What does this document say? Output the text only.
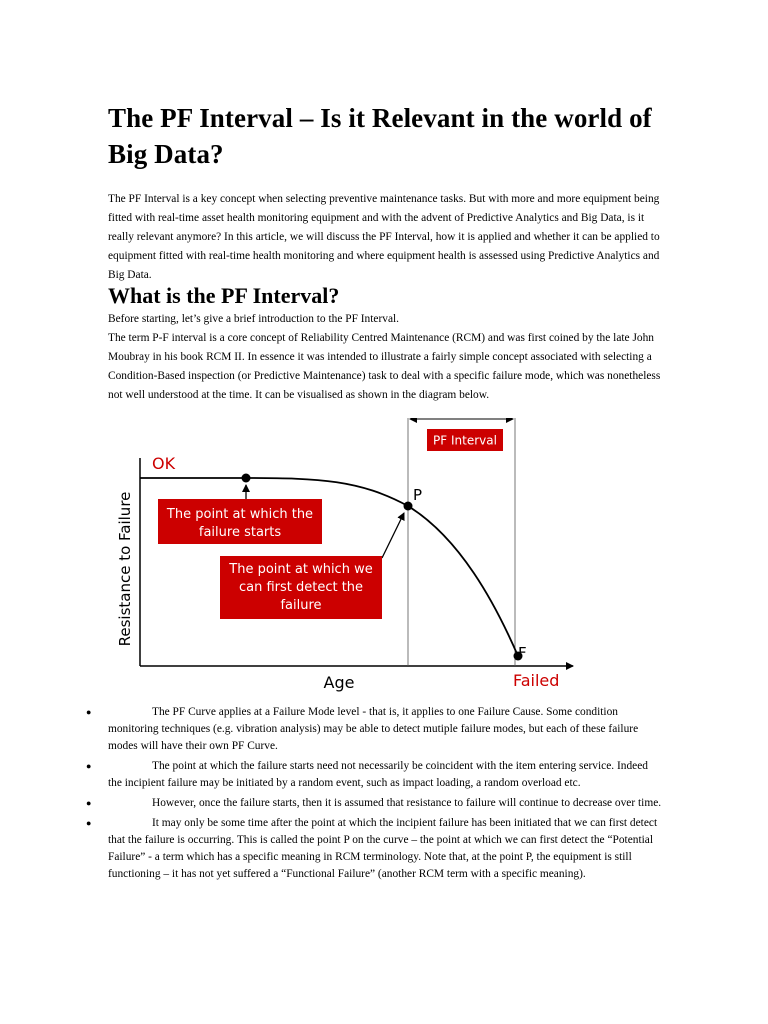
The PF Interval – Is it Relevant in the world of Big Data?

The PF Interval is a key concept when selecting preventive maintenance tasks. But with more and more equipment being fitted with real-time asset health monitoring equipment and with the advent of Predictive Analytics and Big Data, is it really relevant anymore? In this article, we will discuss the PF Interval, how it is applied and whether it can be applied to equipment fitted with real-time health monitoring and where equipment health is assessed using Predictive Analytics and Big Data.

What is the PF Interval?

Before starting, let’s give a brief introduction to the PF Interval.

The term P-F interval is a core concept of Reliability Centred Maintenance (RCM) and was first coined by the late John Moubray in his book RCM II. In essence it was intended to illustrate a fairly simple concept associated with selecting a Condition-Based inspection (or Predictive Maintenance) task to deal with a specific failure mode, which was nonetheless not well understood at the time. It can be visualised as shown in the diagram below.

●	The PF Curve applies at a Failure Mode level - that is, it applies to one Failure Cause. Some condition monitoring techniques (e.g. vibration analysis) may be able to detect mutiple failure modes, but each of these failure modes will have their own PF Curve.
●	The point at which the failure starts need not necessarily be coincident with the item entering service. Indeed the incipient failure may be initiated by a random event, such as impact loading, a random overload etc.
●	However, once the failure starts, then it is assumed that resistance to failure will continue to decrease over time.
●	It may only be some time after the point at which the incipient failure has been initiated that we can first detect that the failure is occurring. This is called the point P on the curve – the point at which we can first detect the “Potential Failure” - a term which has a specific meaning in RCM terminology. Note that, at the point P, the equipment is still functioning – it has not yet suffered a “Functional Failure” (another RCM term with a specific meaning).
PF Interval
OK
P
F
Failed
Age
Resistance to Failure	The point at which the
failure starts
The point at which we
can first detect the
failure
